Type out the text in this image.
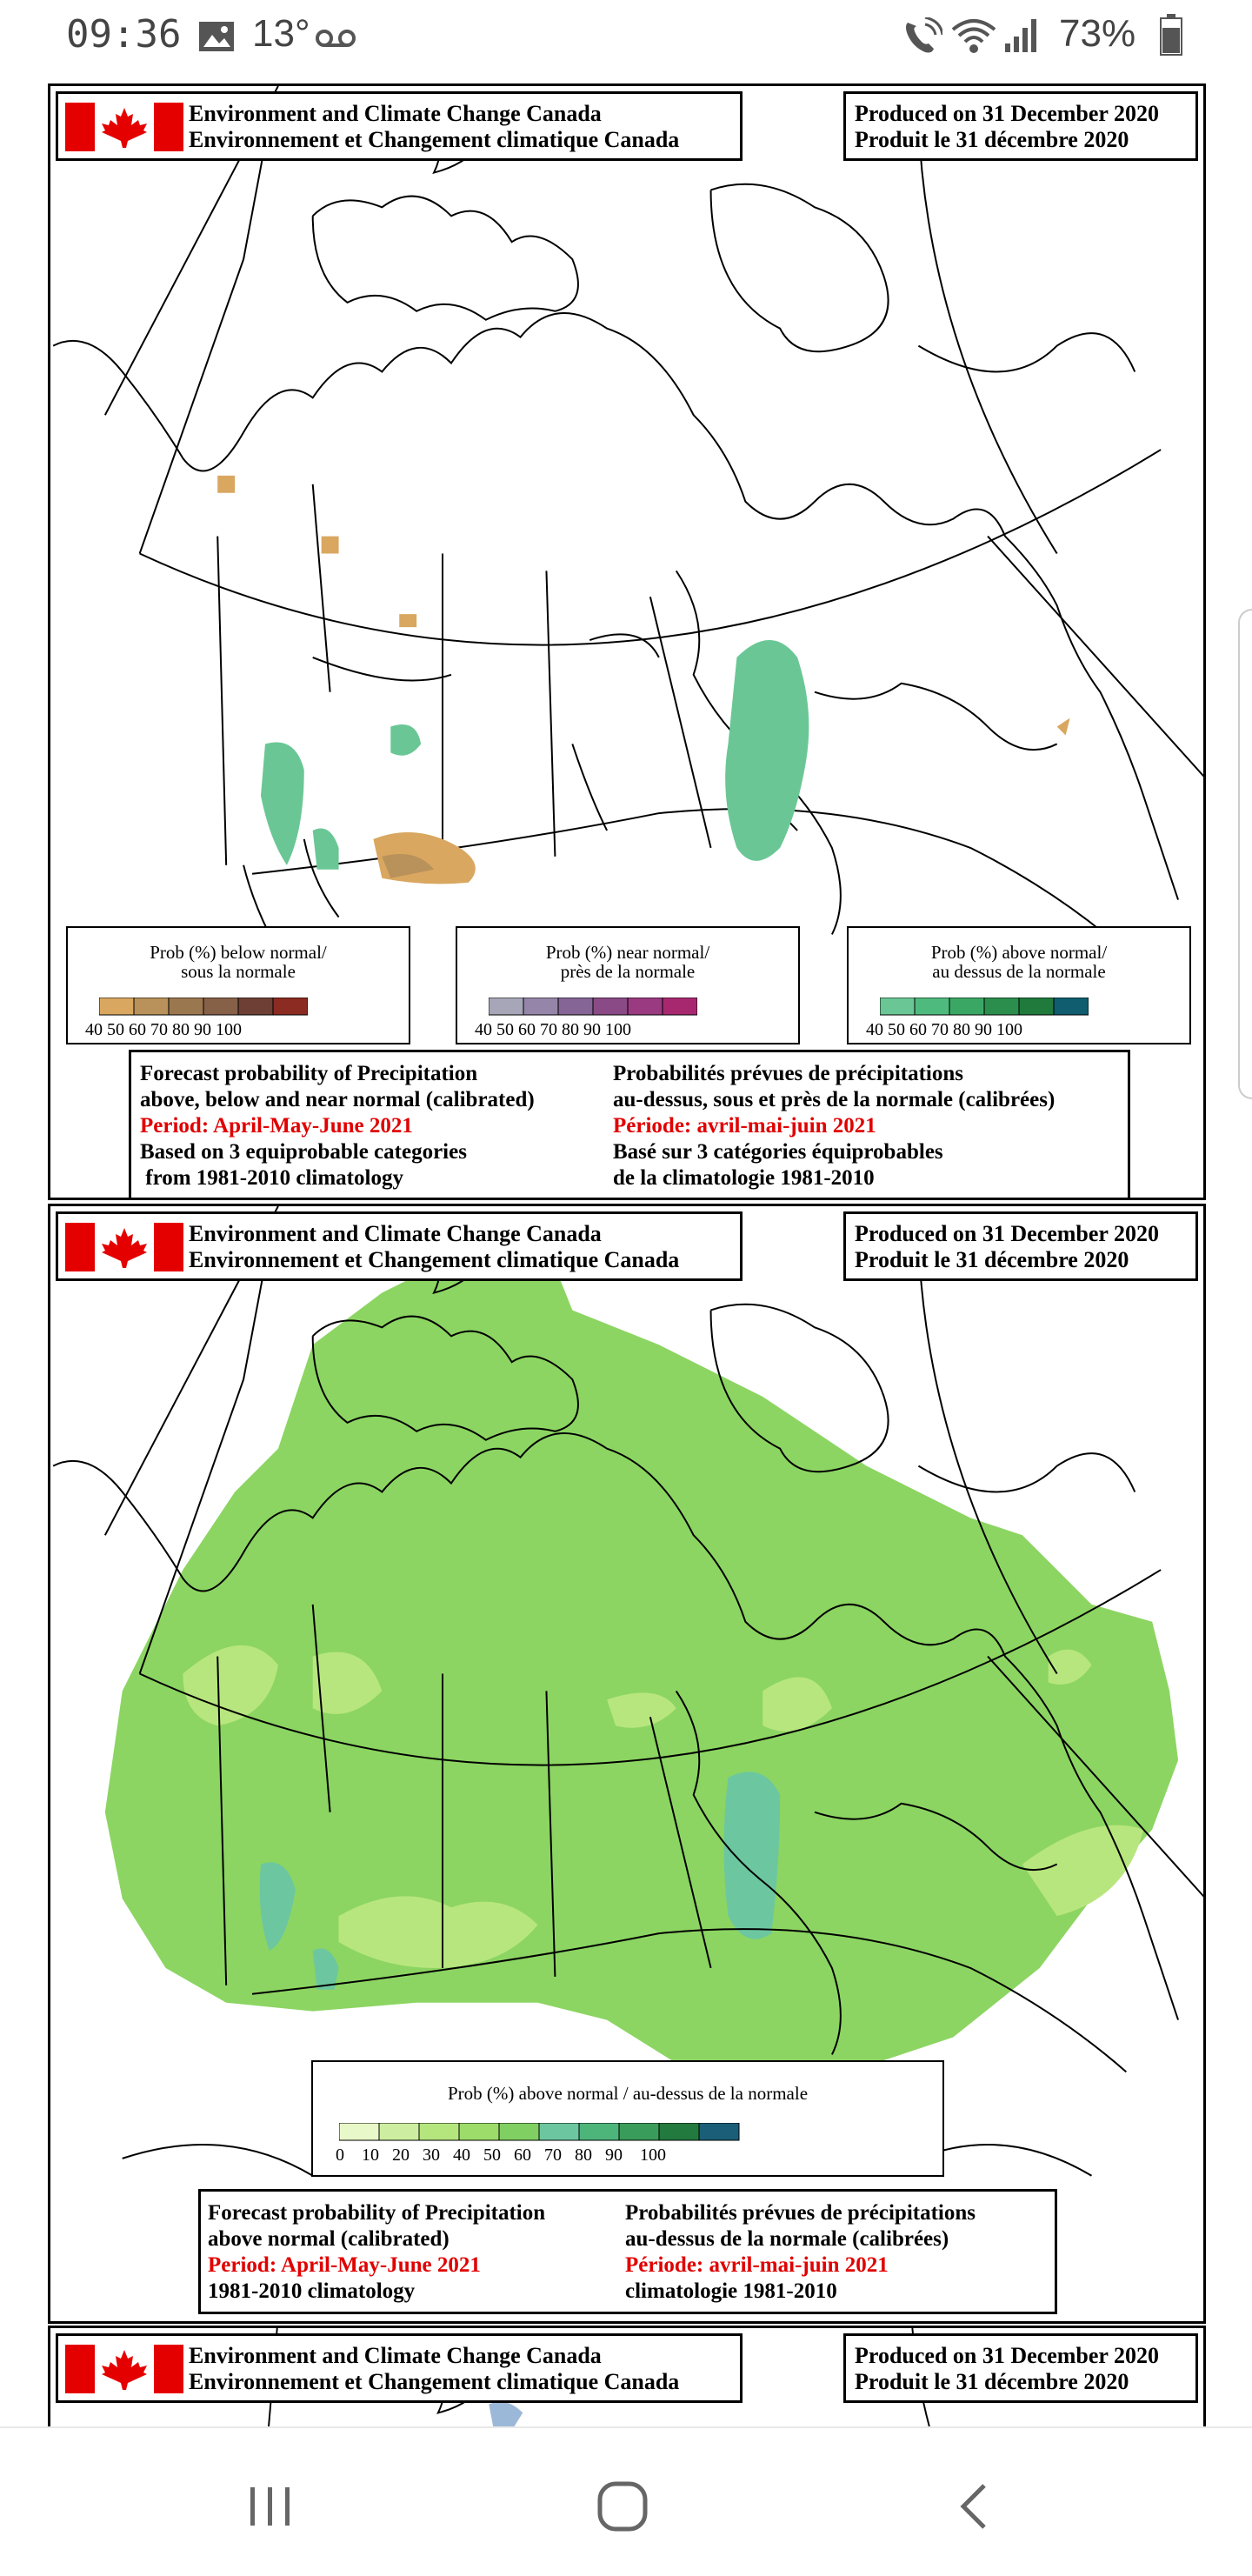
09:36 13°	73%
Environment and Climate Change Canada
Environnement et Changement climatique Canada
Produced on 31 December 2020
Produit le 31 décembre 2020
Prob (%) below normal/
sous la normale
40 50 60 70 80 90 100
Prob (%) near normal/
près de la normale
40 50 60 70 80 90 100
Prob (%) above normal/
au dessus de la normale
40 50 60 70 80 90 100
Forecast probability of Precipitation
above, below and near normal (calibrated)
Period: April-May-June 2021
Based on 3 equiprobable categories
from 1981-2010 climatology
Probabilités prévues de précipitations
au-dessus, sous et près de la normale (calibrées)
Période: avril-mai-juin 2021
Basé sur 3 catégories équiprobables
de la climatologie 1981-2010
Environment and Climate Change Canada
Environnement et Changement climatique Canada
Produced on 31 December 2020
Produit le 31 décembre 2020
Prob (%) above normal / au-dessus de la normale
0    10   20   30   40   50   60   70   80   90    100
Forecast probability of Precipitation
above normal (calibrated)
Period: April-May-June 2021
1981-2010 climatology
Probabilités prévues de précipitations
au-dessus de la normale (calibrées)
Période: avril-mai-juin 2021
climatologie 1981-2010
Environment and Climate Change Canada
Environnement et Changement climatique Canada
Produced on 31 December 2020
Produit le 31 décembre 2020
